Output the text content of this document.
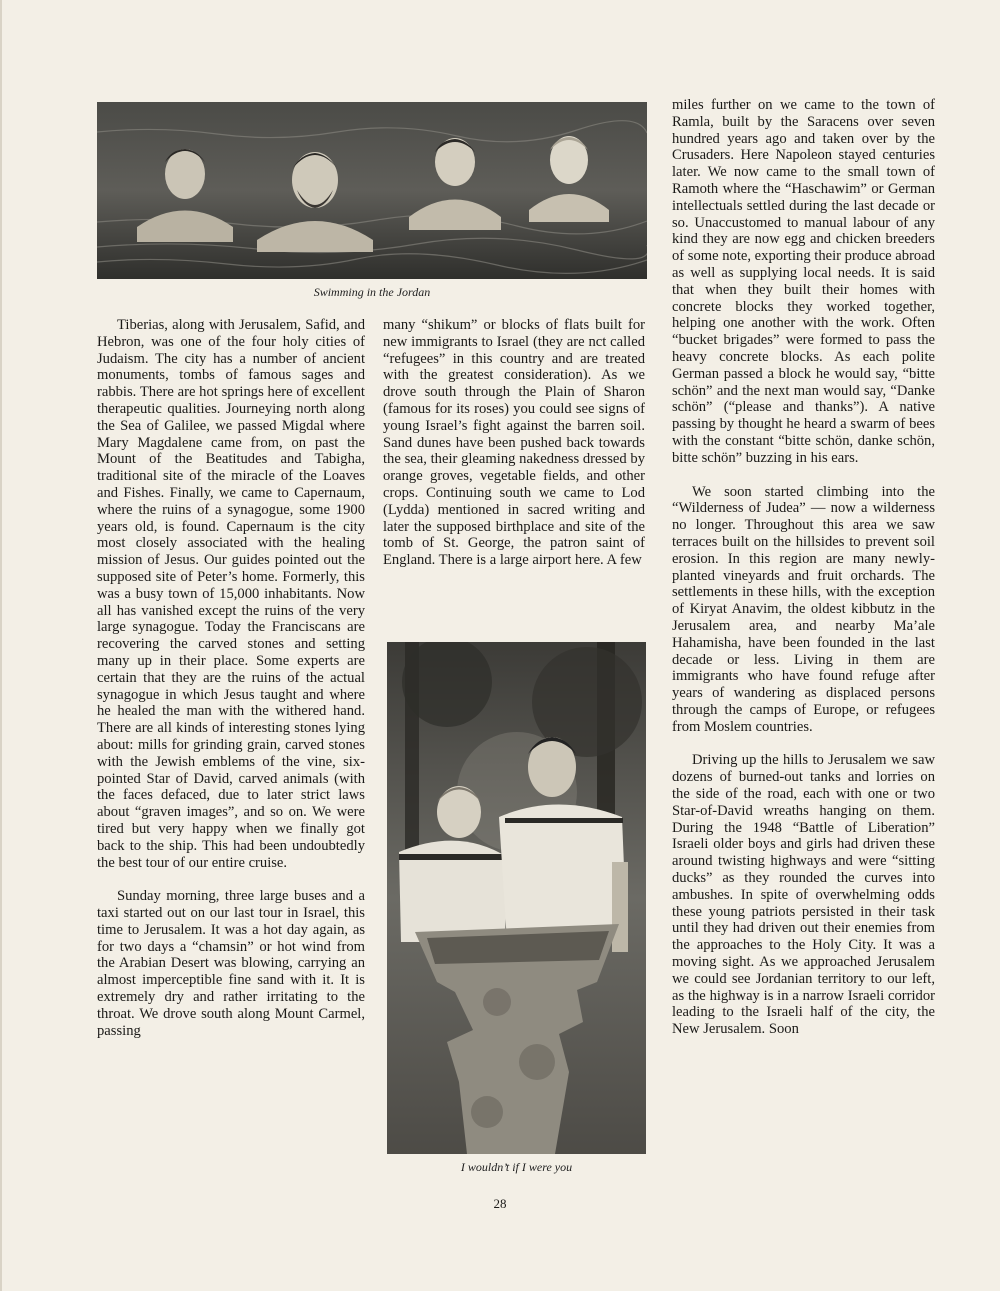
Swimming in the Jordan

Tiberias, along with Jerusalem, Safid, and Hebron, was one of the four holy cities of Judaism. The city has a number of ancient monuments, tombs of famous sages and rabbis. There are hot springs here of excellent therapeutic qualities. Journeying north along the Sea of Galilee, we passed Migdal where Mary Magdalene came from, on past the Mount of the Beatitudes and Tabigha, traditional site of the miracle of the Loaves and Fishes. Finally, we came to Capernaum, where the ruins of a synagogue, some 1900 years old, is found. Capernaum is the city most closely associated with the healing mission of Jesus. Our guides pointed out the supposed site of Peter’s home. Formerly, this was a busy town of 15,000 inhabitants. Now all has vanished except the ruins of the very large synagogue. Today the Franciscans are recovering the carved stones and setting many up in their place. Some experts are certain that they are the ruins of the actual synagogue in which Jesus taught and where he healed the man with the withered hand. There are all kinds of interesting stones lying about: mills for grinding grain, carved stones with the Jewish emblems of the vine, six-pointed Star of David, carved animals (with the faces defaced, due to later strict laws about “graven images”, and so on. We were tired but very happy when we finally got back to the ship. This had been undoubtedly the best tour of our entire cruise.

Sunday morning, three large buses and a taxi started out on our last tour in Israel, this time to Jerusalem. It was a hot day again, as for two days a “chamsin” or hot wind from the Arabian Desert was blowing, carrying an almost imperceptible fine sand with it. It is extremely dry and rather irritating to the throat. We drove south along Mount Carmel, passing

many “shikum” or blocks of flats built for new immigrants to Israel (they are nct called “refugees” in this country and are treated with the greatest consideration). As we drove south through the Plain of Sharon (famous for its roses) you could see signs of young Israel’s fight against the barren soil. Sand dunes have been pushed back towards the sea, their gleaming nakedness dressed by orange groves, vegetable fields, and other crops. Continuing south we came to Lod (Lydda) mentioned in sacred writing and later the supposed birthplace and site of the tomb of St. George, the patron saint of England. There is a large airport here. A few

I wouldn’t if I were you

miles further on we came to the town of Ramla, built by the Saracens over seven hundred years ago and taken over by the Crusaders. Here Napoleon stayed centuries later. We now came to the small town of Ramoth where the “Haschawim” or German intellectuals settled during the last decade or so. Unaccustomed to manual labour of any kind they are now egg and chicken breeders of some note, exporting their produce abroad as well as supplying local needs. It is said that when they built their homes with concrete blocks they worked together, helping one another with the work. Often “bucket brigades” were formed to pass the heavy concrete blocks. As each polite German passed a block he would say, “bitte schön” and the next man would say, “Danke schön” (“please and thanks”). A native passing by thought he heard a swarm of bees with the constant “bitte schön, danke schön, bitte schön” buzzing in his ears.

We soon started climbing into the “Wilderness of Judea” — now a wilderness no longer. Throughout this area we saw terraces built on the hillsides to prevent soil erosion. In this region are many newly-planted vineyards and fruit orchards. The settlements in these hills, with the exception of Kiryat Anavim, the oldest kibbutz in the Jerusalem area, and nearby Ma’ale Hahamisha, have been founded in the last decade or less. Living in them are immigrants who have found refuge after years of wandering as displaced persons through the camps of Europe, or refugees from Moslem countries.

Driving up the hills to Jerusalem we saw dozens of burned-out tanks and lorries on the side of the road, each with one or two Star-of-David wreaths hanging on them. During the 1948 “Battle of Liberation” Israeli older boys and girls had driven these around twisting highways and were “sitting ducks” as they rounded the curves into ambushes. In spite of overwhelming odds these young patriots persisted in their task until they had driven out their enemies from the approaches to the Holy City. It was a moving sight. As we approached Jerusalem we could see Jordanian territory to our left, as the highway is in a narrow Israeli corridor leading to the Israeli half of the city, the New Jerusalem. Soon

28
